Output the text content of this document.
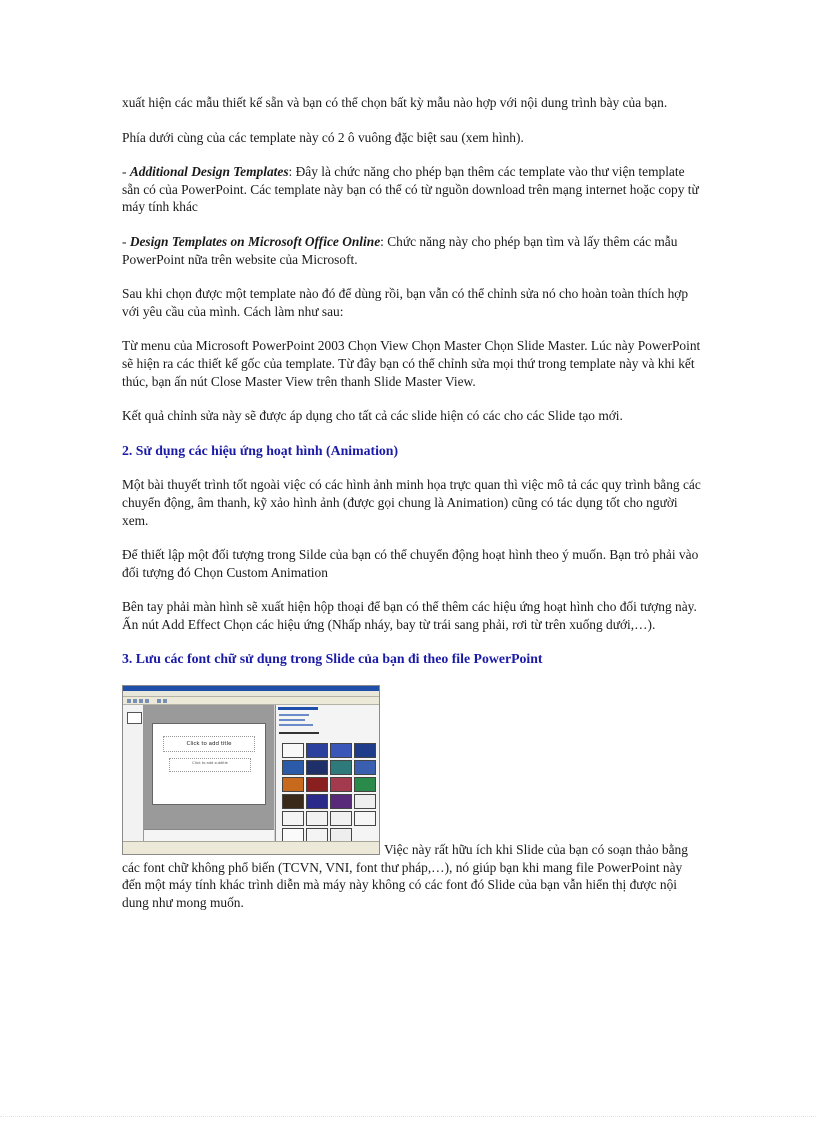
xuất hiện các mẫu thiết kế sẵn và bạn có thể chọn bất kỳ mẫu nào hợp với nội dung trình bày của bạn.

Phía dưới cùng của các template này có 2 ô vuông đặc biệt sau (xem hình).

- Additional Design Templates: Đây là chức năng cho phép bạn thêm các template vào thư viện template sẵn có của PowerPoint. Các template này bạn có thể có từ nguồn download trên mạng internet hoặc copy từ máy tính khác

- Design Templates on Microsoft Office Online: Chức năng này cho phép bạn tìm và lấy thêm các mẫu PowerPoint nữa trên website của Microsoft.

Sau khi chọn được một template nào đó để dùng rồi, bạn vẫn có thể chỉnh sửa nó cho hoàn toàn thích hợp với yêu cầu của mình. Cách làm như sau:

Từ menu của Microsoft PowerPoint 2003 Chọn View Chọn Master Chọn Slide Master. Lúc này PowerPoint sẽ hiện ra các thiết kế gốc của template. Từ đây bạn có thể chỉnh sửa mọi thứ trong template này và khi kết thúc, bạn ấn nút Close Master View trên thanh Slide Master View.

Kết quả chỉnh sửa này sẽ được áp dụng cho tất cả các slide hiện có các cho các Slide tạo mới.

2. Sử dụng các hiệu ứng hoạt hình (Animation)

Một bài thuyết trình tốt ngoài việc có các hình ảnh minh họa trực quan thì việc mô tả các quy trình bằng các chuyển động, âm thanh, kỹ xảo hình ảnh (được gọi chung là Animation) cũng có tác dụng tốt cho người xem.

Để thiết lập một đối tượng trong Silde của bạn có thể chuyển động hoạt hình theo ý muốn. Bạn trỏ phải vào đối tượng đó Chọn Custom Animation

Bên tay phải màn hình sẽ xuất hiện hộp thoại để bạn có thể thêm các hiệu ứng hoạt hình cho đối tượng này. Ấn nút Add Effect Chọn các hiệu ứng (Nhấp nháy, bay từ trái sang phải, rơi từ trên xuống dưới,…).

3. Lưu các font chữ sử dụng trong Slide của bạn đi theo file PowerPoint

Click to add title
Click to add subtitle
Việc này rất hữu ích khi Slide của bạn có soạn thảo bằng các font chữ không phổ biến (TCVN, VNI, font thư pháp,…), nó giúp bạn khi mang file PowerPoint này đến một máy tính khác trình diễn mà máy này không có các font đó Slide của bạn vẫn hiển thị được nội dung như mong muốn.
